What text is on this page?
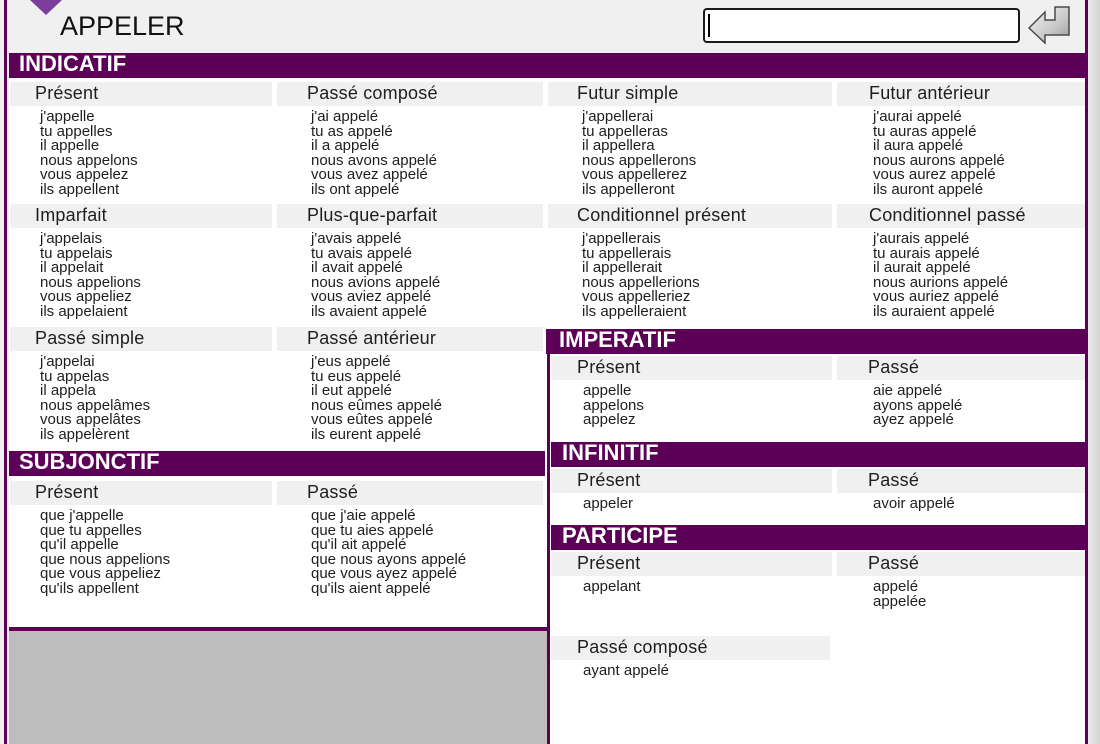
APPELER
INDICATIF
Présent
j'appelle
tu appelles
il appelle
nous appelons
vous appelez
ils appellent
Passé composé
j'ai appelé
tu as appelé
il a appelé
nous avons appelé
vous avez appelé
ils ont appelé
Futur simple
j'appellerai
tu appelleras
il appellera
nous appellerons
vous appellerez
ils appelleront
Futur antérieur
j'aurai appelé
tu auras appelé
il aura appelé
nous aurons appelé
vous aurez appelé
ils auront appelé
Imparfait
j'appelais
tu appelais
il appelait
nous appelions
vous appeliez
ils appelaient
Plus-que-parfait
j'avais appelé
tu avais appelé
il avait appelé
nous avions appelé
vous aviez appelé
ils avaient appelé
Conditionnel présent
j'appellerais
tu appellerais
il appellerait
nous appellerions
vous appelleriez
ils appelleraient
Conditionnel passé
j'aurais appelé
tu aurais appelé
il aurait appelé
nous aurions appelé
vous auriez appelé
ils auraient appelé
Passé simple
j'appelai
tu appelas
il appela
nous appelâmes
vous appelâtes
ils appelèrent
Passé antérieur
j'eus appelé
tu eus appelé
il eut appelé
nous eûmes appelé
vous eûtes appelé
ils eurent appelé
SUBJONCTIF
Présent
que j'appelle
que tu appelles
qu'il appelle
que nous appelions
que vous appeliez
qu'ils appellent
Passé
que j'aie appelé
que tu aies appelé
qu'il ait appelé
que nous ayons appelé
que vous ayez appelé
qu'ils aient appelé
IMPERATIF
Présent
appelle
appelons
appelez
Passé
aie appelé
ayons appelé
ayez appelé
INFINITIF
Présent
appeler
Passé
avoir appelé
PARTICIPE
Présent
appelant
Passé
appelé
appelée
Passé composé
ayant appelé
